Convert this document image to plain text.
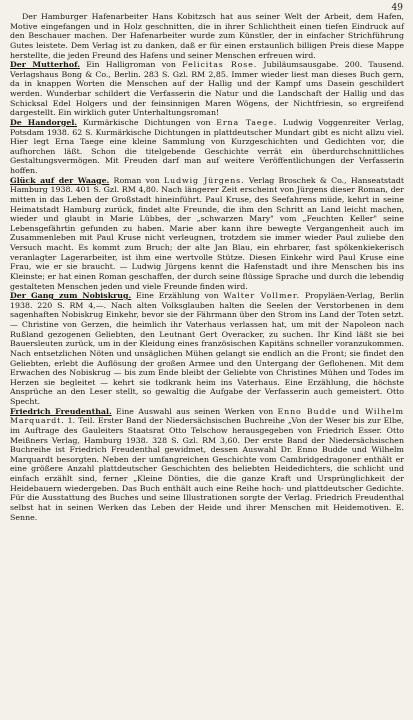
49

Der Hamburger Hafenarbeiter Hans Kobitzsch hat aus seiner Welt der Arbeit, dem Hafen, Motive eingefangen und in Holz geschnitten, die in ihrer Schlichtheit einen tiefen Eindruck auf den Beschauer machen. Der Hafenarbeiter wurde zum Künstler, der in einfacher Strichführung Gutes leistete. Dem Verlag ist zu danken, daß er für einen erstaunlich billigen Preis diese Mappe herstellte, die jeden Freund des Hafens und seiner Menschen erfreuen wird.

Der Mutterhof. Ein Halligroman von Felicitas Rose. Jubiläumsausgabe. 200. Tausend. Verlagshaus Bong & Co., Berlin. 283 S. Gzl. RM 2,85. Immer wieder liest man dieses Buch gern, da in knappen Worten die Menschen auf der Hallig und der Kampf ums Dasein geschildert werden. Wunderbar schildert die Verfasserin die Natur und die Landschaft der Hallig und das Schicksal Edel Holgers und der feinsinnigen Maren Wögens, der Nichtfriesin, so ergreifend dargestellt. Ein wirklich guter Unterhaltungsroman!

De Handorgel. Kurmärkische Dichtungen von Erna Taege. Ludwig Voggenreiter Verlag, Potsdam 1938. 62 S. Kurmärkische Dichtungen in plattdeutscher Mundart gibt es nicht allzu viel. Hier legt Erna Taege eine kleine Sammlung von Kurzgeschichten und Gedichten vor, die aufhorchen läßt. Schon die titelgebende Geschichte verrät ein überdurchschnittliches Gestaltungsvermögen. Mit Freuden darf man auf weitere Veröffentlichungen der Verfasserin hoffen.

Glück auf der Waage. Roman von Ludwig Jürgens. Verlag Broschek & Co., Hanseatstadt Hamburg 1938. 401 S. Gzl. RM 4,80. Nach längerer Zeit erscheint von Jürgens dieser Roman, der mitten in das Leben der Großstadt hineinführt. Paul Kruse, des Seefahrens müde, kehrt in seine Heimatstadt Hamburg zurück, findet alte Freunde, die ihm den Schritt an Land leicht machen, wieder und glaubt in Marie Lübbes, der „schwarzen Mary" vom „Feuchten Keller" seine Lebensgefährtin gefunden zu haben. Marie aber kann ihre bewegte Vergangenheit auch im Zusammenleben mit Paul Kruse nicht verleugnen, trotzdem sie immer wieder Paul zuliebe den Versuch macht. Es kommt zum Bruch; der alte Jan Blau, ein ehrbarer, fast spökenkiekerisch veranlagter Lagerarbeiter, ist ihm eine wertvolle Stütze. Diesen Einkehr wird Paul Kruse eine Frau, wie er sie braucht. — Ludwig Jürgens kennt die Hafenstadt und ihre Menschen bis ins Kleinste; er hat einen Roman geschaffen, der durch seine flüssige Sprache und durch die lebendig gestalteten Menschen jeden und viele Freunde finden wird.

Der Gang zum Nobiskrug. Eine Erzählung von Walter Vollmer. Propyläen-Verlag, Berlin 1938. 220 S. RM 4,—. Nach alten Volksglauben halten die Seelen der Verstorbenen in dem sagenhaften Nobiskrug Einkehr, bevor sie der Fährmann über den Strom ins Land der Toten setzt. — Christine von Gerzen, die heimlich ihr Vaterhaus verlassen hat, um mit der Napoleon nach Rußland gezogenen Geliebten, den Leutnant Gert Overacker, zu suchen. Ihr Kind läßt sie bei Bauersleuten zurück, um in der Kleidung eines französischen Kapitäns schneller voranzukommen. Nach entsetzlichen Nöten und unsäglichen Mühen gelangt sie endlich an die Front; sie findet den Geliebten, erlebt die Auflösung der großen Armee und den Untergang der Geflohenen. Mit dem Erwachen des Nobiskrug — bis zum Ende bleibt der Geliebte von Christines Mühen und Todes im Herzen sie begleitet — kehrt sie todkrank heim ins Vaterhaus. Eine Erzählung, die höchste Ansprüche an den Leser stellt, so gewaltig die Aufgabe der Verfasserin auch gemeistert. Otto Specht.

Friedrich Freudenthal. Eine Auswahl aus seinen Werken von Enno Budde und Wilhelm Marquardt. 1. Teil. Erster Band der Niedersächsischen Buchreihe „Von der Weser bis zur Elbe, im Auftrage des Gauleiters Staatsrat Otto Telschow herausgegeben von Friedrich Esser. Otto Meißners Verlag, Hamburg 1938. 328 S. Gzl. RM 3,60. Der erste Band der Niedersächsischen Buchreihe ist Friedrich Freudenthal gewidmet, dessen Auswahl Dr. Enno Budde und Wilhelm Marquardt besorgten. Neben der umfangreichen Geschichte vom Cambridgedragoner enthält er eine größere Anzahl plattdeutscher Geschichten des beliebten Heidedichters, die schlicht und einfach erzählt sind, ferner „Kleine Dönties, die die ganze Kraft und Ursprünglichkeit der Heidebauern wiedergeben. Das Buch enthält auch eine Reihe hoch- und plattdeutscher Gedichte. Für die Ausstattung des Buches und seine Illustrationen sorgte der Verlag. Friedrich Freudenthal selbst hat in seinen Werken das Leben der Heide und ihrer Menschen mit Heidemotiven. E. Senne.
